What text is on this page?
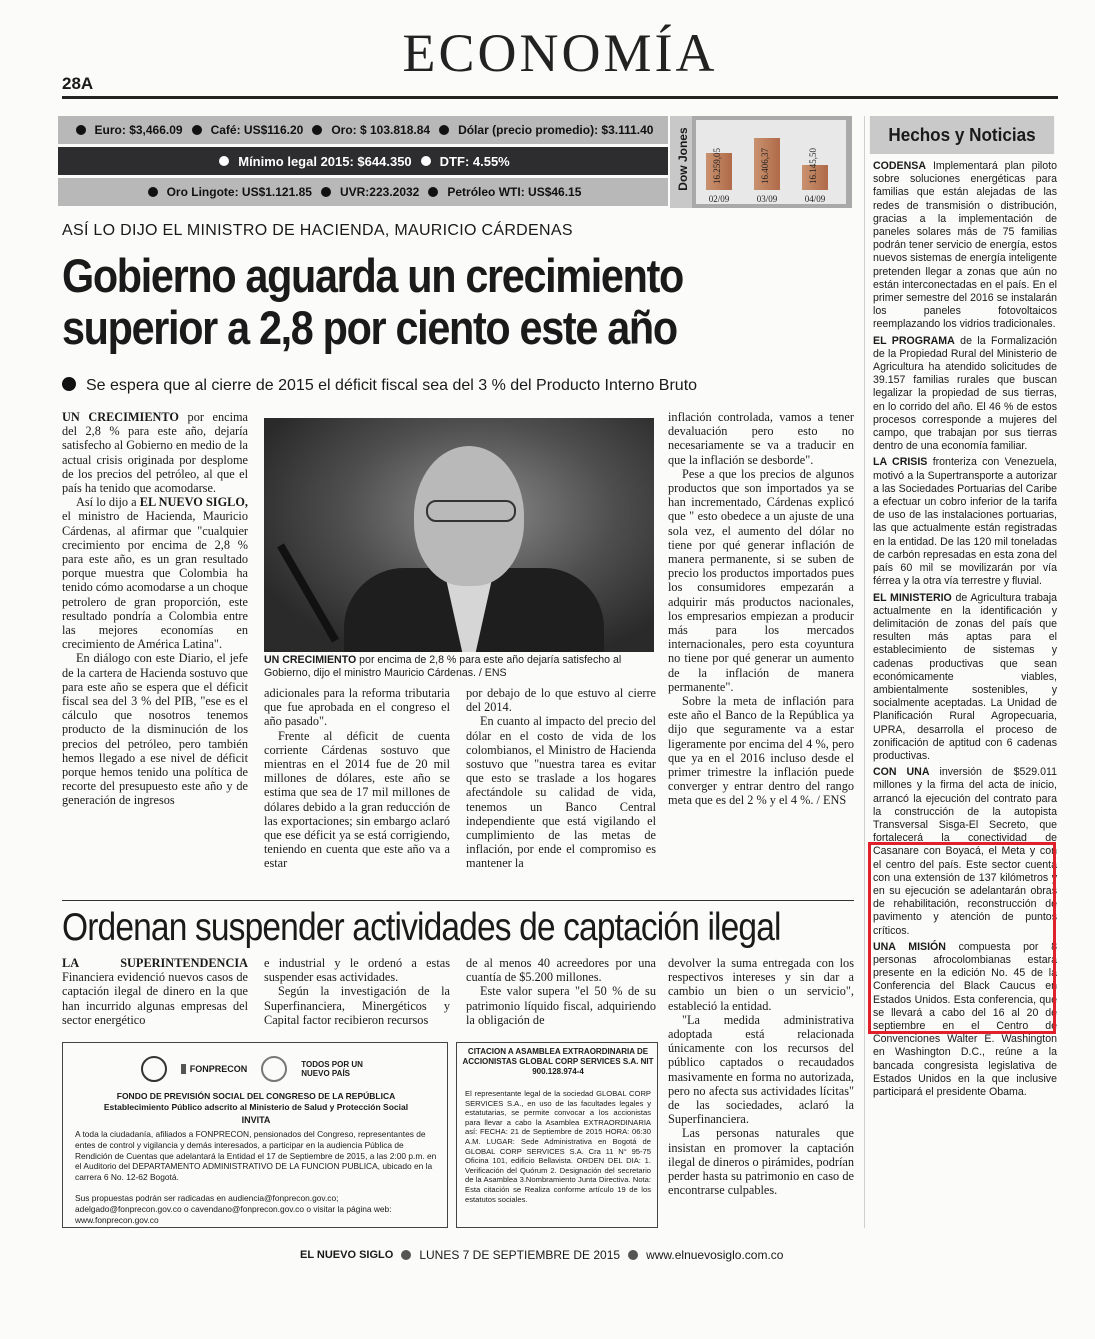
28A
ECONOMÍA
Euro: $3,466.09 Café: US$116.20 Oro: $ 103.818.84 Dólar (precio promedio): $3.111.40
Mínimo legal 2015: $644.350 DTF: 4.55%
Oro Lingote: US$1.121.85 UVR:223.2032 Petróleo WTI: US$46.15
Dow Jones 16.259,05
02/09
16.406,37
03/09
16.145,50
04/09
ASÍ LO DIJO EL MINISTRO DE HACIENDA, MAURICIO CÁRDENAS
Gobierno aguarda un crecimiento
superior a 2,8 por ciento este año
Se espera que al cierre de 2015 el déficit fiscal sea del 3 % del Producto Interno Bruto

UN CRECIMIENTO por encima del 2,8 % para este año, dejaría satisfecho al Gobierno en medio de la actual crisis originada por desplome de los precios del petróleo, al que el país ha tenido que acomodarse.

Así lo dijo a EL NUEVO SIGLO, el ministro de Hacienda, Mauricio Cárdenas, al afirmar que "cualquier crecimiento por encima de 2,8 % para este año, es un gran resultado porque muestra que Colombia ha tenido cómo acomodarse a un choque petrolero de gran proporción, este resultado pondría a Colombia entre las mejores economías en crecimiento de América Latina".

En diálogo con este Diario, el jefe de la cartera de Hacienda sostuvo que para este año se espera que el déficit fiscal sea del 3 % del PIB, "ese es el cálculo que nosotros tenemos producto de la disminución de los precios del petróleo, pero también hemos llegado a ese nivel de déficit porque hemos tenido una política de recorte del presupuesto este año y de generación de ingresos

UN CRECIMIENTO por encima de 2,8 % para este año dejaría satisfecho al Gobierno, dijo el ministro Mauricio Cárdenas. / ENS

adicionales para la reforma tributaria que fue aprobada en el congreso el año pasado".

Frente al déficit de cuenta corriente Cárdenas sostuvo que mientras en el 2014 fue de 20 mil millones de dólares, este año se estima que sea de 17 mil millones de dólares debido a la gran reducción de las exportaciones; sin embargo aclaró que ese déficit ya se está corrigiendo, teniendo en cuenta que este año va a estar

por debajo de lo que estuvo al cierre del 2014.

En cuanto al impacto del precio del dólar en el costo de vida de los colombianos, el Ministro de Hacienda sostuvo que "nuestra tarea es evitar que esto se traslade a los hogares afectándole su calidad de vida, tenemos un Banco Central independiente que está vigilando el cumplimiento de las metas de inflación, por ende el compromiso es mantener la

inflación controlada, vamos a tener devaluación pero esto no necesariamente se va a traducir en que la inflación se desborde".

Pese a que los precios de algunos productos que son importados ya se han incrementado, Cárdenas explicó que " esto obedece a un ajuste de una sola vez, el aumento del dólar no tiene por qué generar inflación de manera permanente, si se suben de precio los productos importados pues los consumidores empezarán a adquirir más productos nacionales, los empresarios empiezan a producir más para los mercados internacionales, pero esta coyuntura no tiene por qué generar un aumento de la inflación de manera permanente".

Sobre la meta de inflación para este año el Banco de la República ya dijo que seguramente va a estar ligeramente por encima del 4 %, pero que ya en el 2016 incluso desde el primer trimestre la inflación puede converger y entrar dentro del rango meta que es del 2 % y el 4 %. / ENS

Hechos y Noticias

CODENSA Implementará plan piloto sobre soluciones energéticas para familias que están alejadas de las redes de transmisión o distribución, gracias a la implementación de paneles solares más de 75 familias podrán tener servicio de energía, estos nuevos sistemas de energía inteligente pretenden llegar a zonas que aún no están interconectadas en el país. En el primer semestre del 2016 se instalarán los paneles fotovoltaicos reemplazando los vidrios tradicionales.

EL PROGRAMA de la Formalización de la Propiedad Rural del Ministerio de Agricultura ha atendido solicitudes de 39.157 familias rurales que buscan legalizar la propiedad de sus tierras, en lo corrido del año. El 46 % de estos procesos corresponde a mujeres del campo, que trabajan por sus tierras dentro de una economía familiar.

LA CRISIS fronteriza con Venezuela, motivó a la Supertransporte a autorizar a las Sociedades Portuarias del Caribe a efectuar un cobro inferior de la tarifa de uso de las instalaciones portuarias, las que actualmente están registradas en la entidad. De las 120 mil toneladas de carbón represadas en esta zona del país 60 mil se movilizarán por vía férrea y la otra vía terrestre y fluvial.

EL MINISTERIO de Agricultura trabaja actualmente en la identificación y delimitación de zonas del país que resulten más aptas para el establecimiento de sistemas y cadenas productivas que sean económicamente viables, ambientalmente sostenibles, y socialmente aceptadas. La Unidad de Planificación Rural Agropecuaria, UPRA, desarrolla el proceso de zonificación de aptitud con 6 cadenas productivas.

CON UNA inversión de $529.011 millones y la firma del acta de inicio, arrancó la ejecución del contrato para la construcción de la autopista Transversal Sisga-El Secreto, que fortalecerá la conectividad de Casanare con Boyacá, el Meta y con el centro del país. Este sector cuenta con una extensión de 137 kilómetros y en su ejecución se adelantarán obras de rehabilitación, reconstrucción de pavimento y atención de puntos críticos.

UNA MISIÓN compuesta por 8 personas afrocolombianas estará presente en la edición No. 45 de la Conferencia del Black Caucus en Estados Unidos. Esta conferencia, que se llevará a cabo del 16 al 20 de septiembre en el Centro de Convenciones Walter E. Washington en Washington D.C., reúne a la bancada congresista legislativa de Estados Unidos en la que inclusive participará el presidente Obama.

Ordenan suspender actividades de captación ilegal

LA SUPERINTENDENCIA Financiera evidenció nuevos casos de captación ilegal de dinero en la que han incurrido algunas empresas del sector energético

e industrial y le ordenó a estas suspender esas actividades.

Según la investigación de la Superfinanciera, Minergéticos y Capital factor recibieron recursos

de al menos 40 acreedores por una cuantía de $5.200 millones.

Este valor supera "el 50 % de su patrimonio líquido fiscal, adquiriendo la obligación de

devolver la suma entregada con los respectivos intereses y sin dar a cambio un bien o un servicio", estableció la entidad.

"La medida administrativa adoptada está relacionada únicamente con los recursos del público captados o recaudados masivamente en forma no autorizada, pero no afecta sus actividades lícitas" de las sociedades, aclaró la Superfinanciera.

Las personas naturales que insistan en promover la captación ilegal de dineros o pirámides, podrían perder hasta su patrimonio en caso de encontrarse culpables.

FONPRECON	TODOS POR UN NUEVO PAÍS
FONDO DE PREVISIÓN SOCIAL DEL CONGRESO DE LA REPÚBLICA
Establecimiento Público adscrito al Ministerio de Salud y Protección Social
INVITA
A toda la ciudadanía, afiliados a FONPRECON, pensionados del Congreso, representantes de entes de control y vigilancia y demás interesados, a participar en la audiencia Pública de Rendición de Cuentas que adelantará la Entidad el 17 de Septiembre de 2015, a las 2:00 p.m. en el Auditorio del DEPARTAMENTO ADMINISTRATIVO DE LA FUNCION PUBLICA, ubicado en la carrera 6 No. 12-62 Bogotá.
Sus propuestas podrán ser radicadas en audiencia@fonprecon.gov.co; adelgado@fonprecon.gov.co o cavendano@fonprecon.gov.co o visitar la página web: www.fonprecon.gov.co
CITACION A ASAMBLEA EXTRAORDINARIA DE ACCIONISTAS GLOBAL CORP SERVICES S.A. NIT 900.128.974-4
El representante legal de la sociedad GLOBAL CORP SERVICES S.A., en uso de las facultades legales y estatutarias, se permite convocar a los accionistas para llevar a cabo la Asamblea EXTRAORDINARIA así: FECHA: 21 de Septiembre de 2015 HORA: 06:30 A.M. LUGAR: Sede Administrativa en Bogotá de GLOBAL CORP SERVICES S.A. Cra 11 N° 95-75 Oficina 101, edificio Bellavista. ORDEN DEL DIA: 1. Verificación del Quórum 2. Designación del secretario de la Asamblea 3.Nombramiento Junta Directiva. Nota: Esta citación se Realiza conforme artículo 19 de los estatutos sociales.
EL NUEVO SIGLO LUNES 7 DE SEPTIEMBRE DE 2015 www.elnuevosiglo.com.co
